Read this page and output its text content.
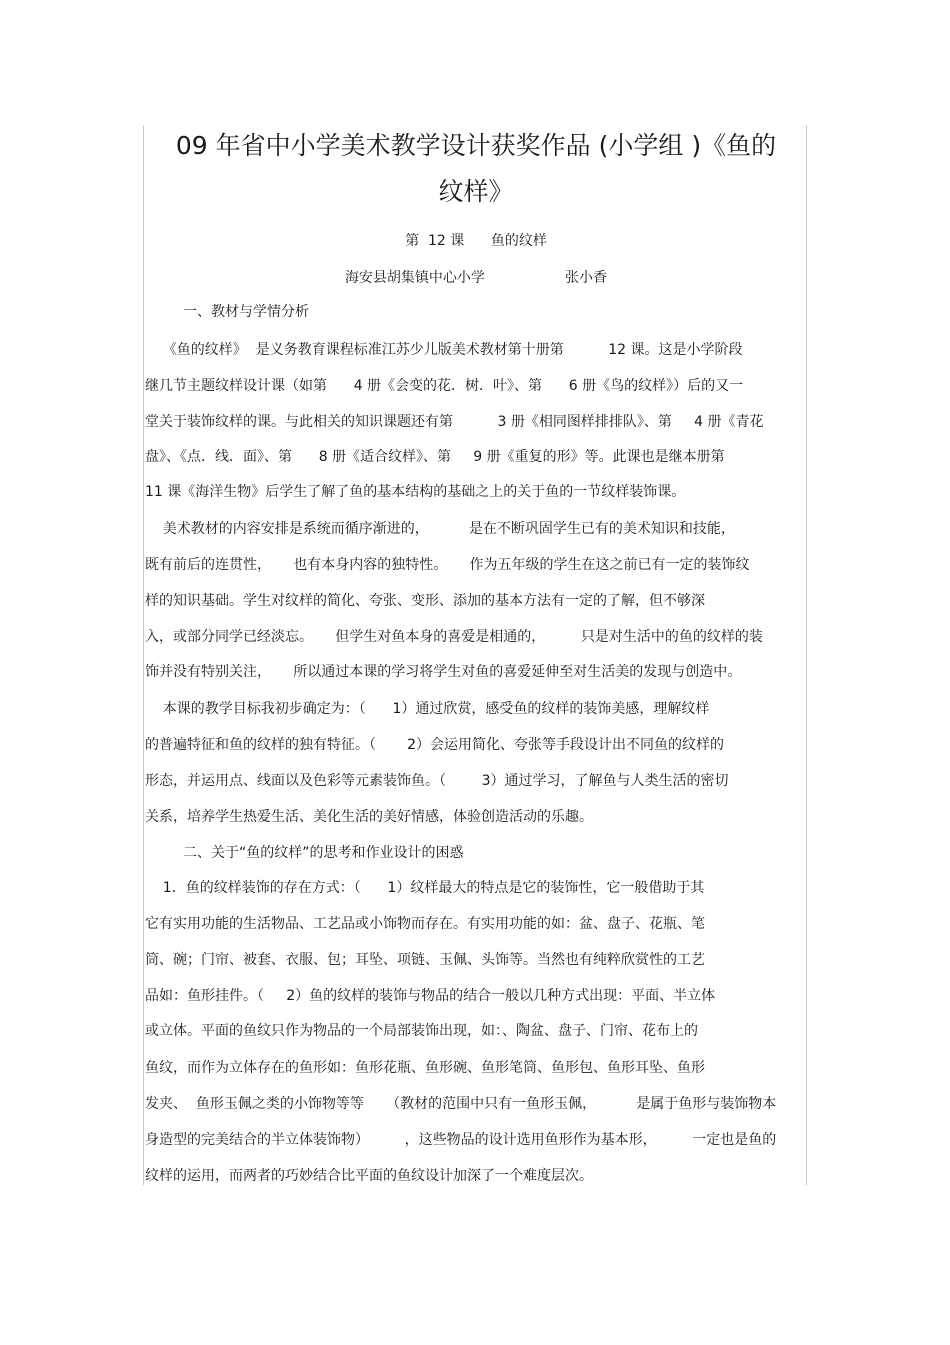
09 年省中小学美术教学设计获奖作品 (小学组 )《鱼的
纹样》
第  12 课      鱼的纹样
海安县胡集镇中心小学                  张小香
一、教材与学情分析
《鱼的纹样》  是义务教育课程标准江苏少儿版美术教材第十册第          12 课。这是小学阶段
继几节主题纹样设计课（如第      4 册《会变的花．树．叶》、第      6 册《鸟的纹样》）后的又一
堂关于装饰纹样的课。与此相关的知识课题还有第          3 册《相同图样排排队》、第     4 册《青花
盘》、《点．线．面》、第      8 册《适合纹样》、第     9 册《重复的形》等。此课也是继本册第
11 课《海洋生物》后学生了解了鱼的基本结构的基础之上的关于鱼的一节纹样装饰课。
美术教材的内容安排是系统而循序渐进的，         是在不断巩固学生已有的美术知识和技能，
既有前后的连贯性，     也有本身内容的独特性。     作为五年级的学生在这之前已有一定的装饰纹
样的知识基础。学生对纹样的简化、夸张、变形、添加的基本方法有一定的了解，但不够深
入，或部分同学已经淡忘。     但学生对鱼本身的喜爱是相通的，        只是对生活中的鱼的纹样的装
饰并没有特别关注，     所以通过本课的学习将学生对鱼的喜爱延伸至对生活美的发现与创造中。
本课的教学目标我初步确定为：（      1）通过欣赏，感受鱼的纹样的装饰美感，理解纹样
的普遍特征和鱼的纹样的独有特征。（       2）会运用简化、夸张等手段设计出不同鱼的纹样的
形态，并运用点、线面以及色彩等元素装饰鱼。（        3）通过学习，了解鱼与人类生活的密切
关系，培养学生热爱生活、美化生活的美好情感，体验创造活动的乐趣。
二、关于“鱼的纹样”的思考和作业设计的困惑
1．鱼的纹样装饰的存在方式：（      1）纹样最大的特点是它的装饰性，它一般借助于其
它有实用功能的生活物品、工艺品或小饰物而存在。有实用功能的如：盆、盘子、花瓶、笔
筒、碗；门帘、被套、衣服、包；耳坠、项链、玉佩、头饰等。当然也有纯粹欣赏性的工艺
品如：鱼形挂件。（     2）鱼的纹样的装饰与物品的结合一般以几种方式出现：平面、半立体
或立体。平面的鱼纹只作为物品的一个局部装饰出现，如：、陶盆、盘子、门帘、花布上的
鱼纹，而作为立体存在的鱼形如：鱼形花瓶、鱼形碗、鱼形笔筒、鱼形包、鱼形耳坠、鱼形
发夹、  鱼形玉佩之类的小饰物等等     （教材的范围中只有一鱼形玉佩，         是属于鱼形与装饰物本
身造型的完美结合的半立体装饰物）        ，这些物品的设计选用鱼形作为基本形，        一定也是鱼的
纹样的运用，而两者的巧妙结合比平面的鱼纹设计加深了一个难度层次。
